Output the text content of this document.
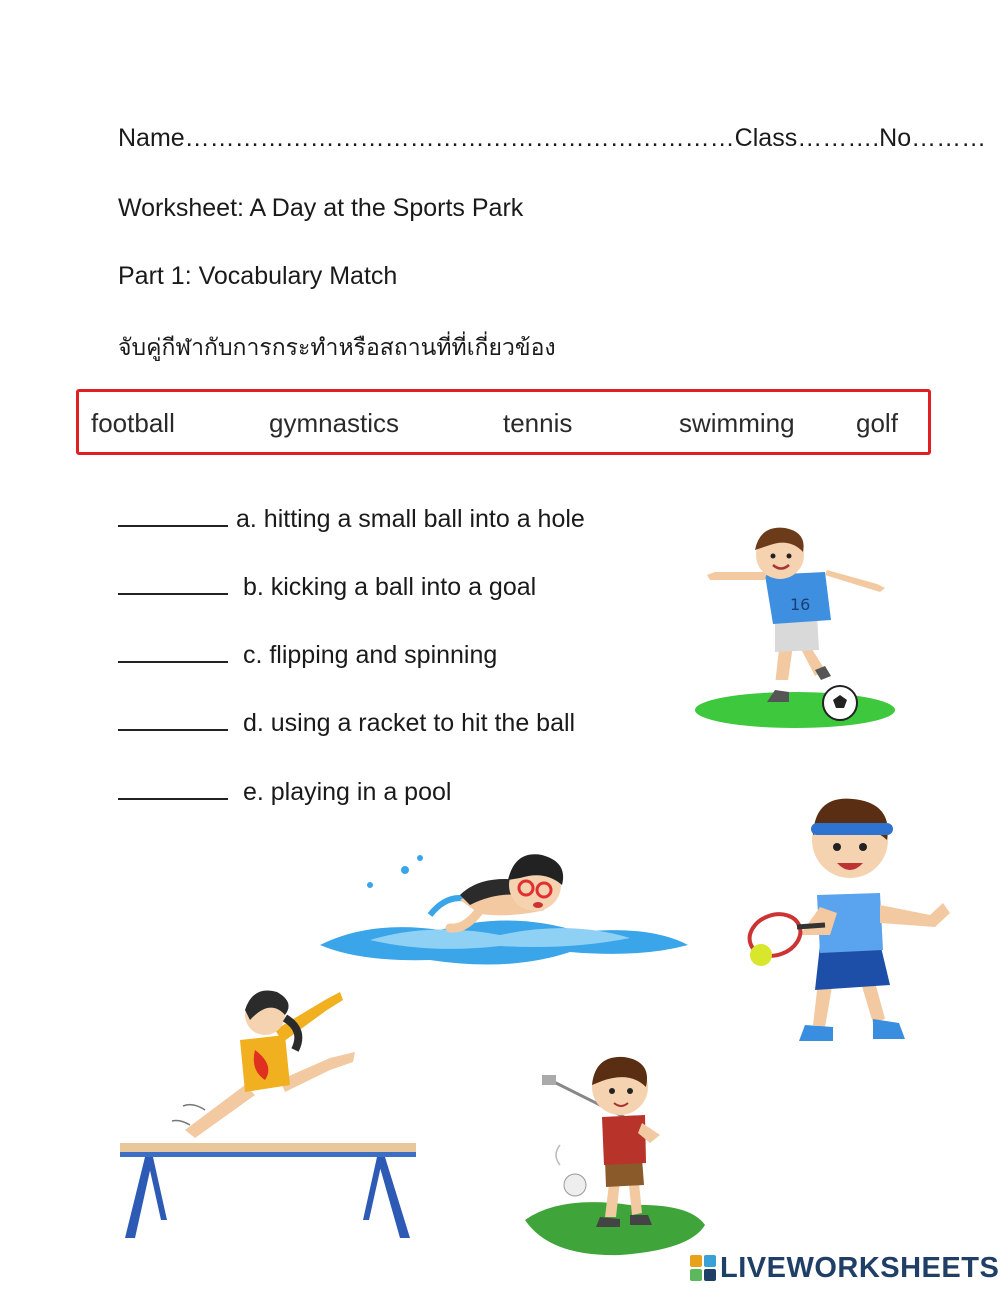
Name…………………………………………………………Class……….No………
Worksheet: A Day at the Sports Park
Part 1: Vocabulary Match
จับคู่กีฬากับการกระทำหรือสถานที่ที่เกี่ยวข้อง
football	gymnastics	tennis	swimming golf
a. hitting a small ball into a hole
b. kicking a ball into a goal
c. flipping and spinning
d. using a racket to hit the ball
e. playing in a pool
16
LIVEWORKSHEETS
